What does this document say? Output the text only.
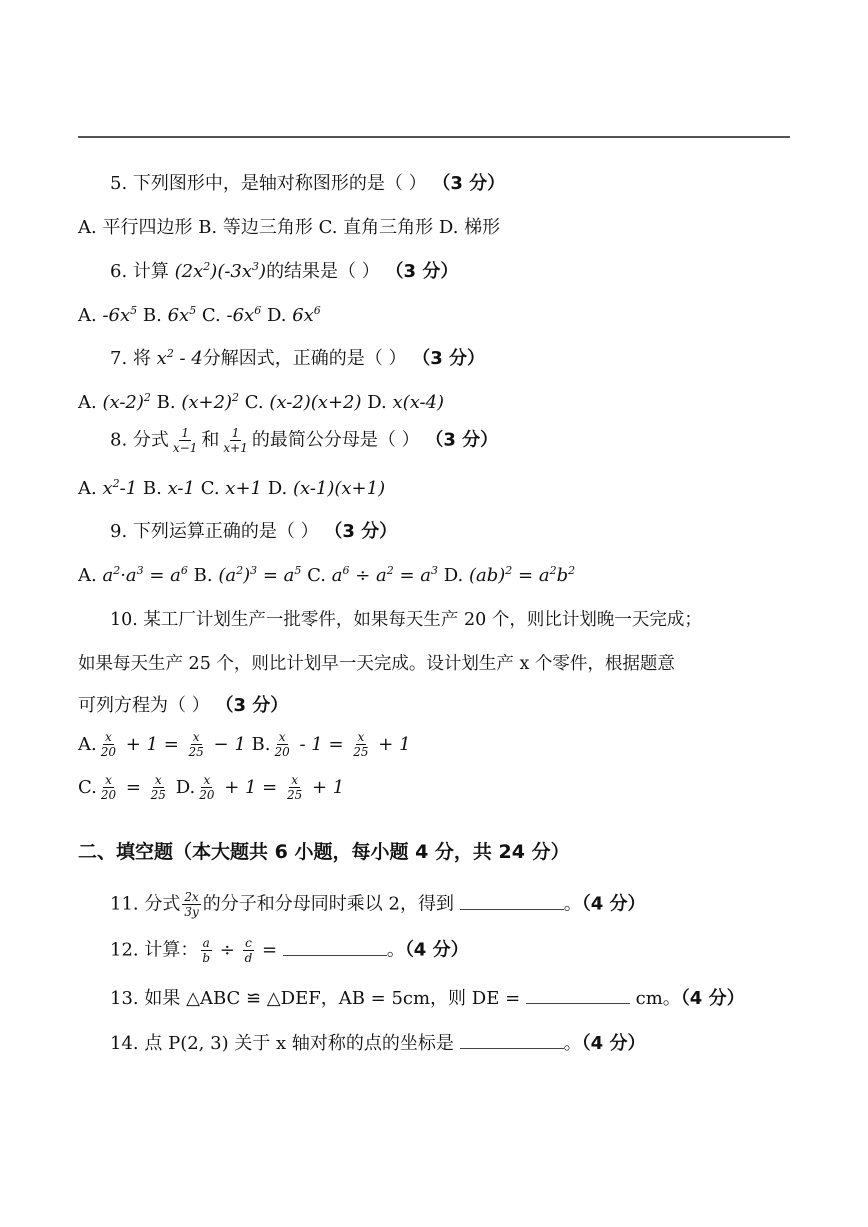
5. 下列图形中，是轴对称图形的是（ ） （3 分）
A. 平行四边形 B. 等边三角形 C. 直角三角形 D. 梯形
6. 计算 $(2x^2)(-3x^3)$的结果是（ ） （3 分）
A. $-6x^5$ B. $6x^5$ C. $-6x^6$ D. $6x^6$
7. 将 $x^2 - 4$分解因式，正确的是（ ） （3 分）
A. $(x-2)^2$ B. $(x+2)^2$ C. (x-2)(x+2) D. x(x-4)
8. 分式 $\frac{1}{x-1}$ 和 $\frac{1}{x+1}$ 的最简公分母是（ ） （3 分）
A. $x^2-1$ B. x-1 C. x+1 D. (x-1)(x+1)
9. 下列运算正确的是（ ） （3 分）
A. $a^2\cdot a^3 = a^6$ B. $(a^2)^3 = a^5$ C. $a^6 \div a^2 = a^3$ D. $(ab)^2 = a^2b^2$
10. 某工厂计划生产一批零件，如果每天生产 20 个，则比计划晚一天完成；
如果每天生产 25 个，则比计划早一天完成。设计划生产 x 个零件，根据题意
可列方程为（ ） （3 分）
A. $\frac{x}{20} + 1 = \frac{x}{25} - 1$ B. $\frac{x}{20} - 1 = \frac{x}{25} + 1$
C. $\frac{x}{20} = \frac{x}{25} D$. $\frac{x}{20} + 1 = \frac{x}{25} + 1$
二、填空题（本大题共 6 小题，每小题 4 分，共 24 分）
11. 分式 $\frac{2x}{3y}$ 的分子和分母同时乘以 2，得到	。（4 分）
12. 计算： $\frac{a}{b} \div \frac{c}{d}$ =	。（4 分）
13. 如果 △ABC ≌ △DEF，AB = 5cm，则 DE =	cm。（4 分）
14. 点 P(2, 3) 关于 x 轴对称的点的坐标是	。（4 分）
